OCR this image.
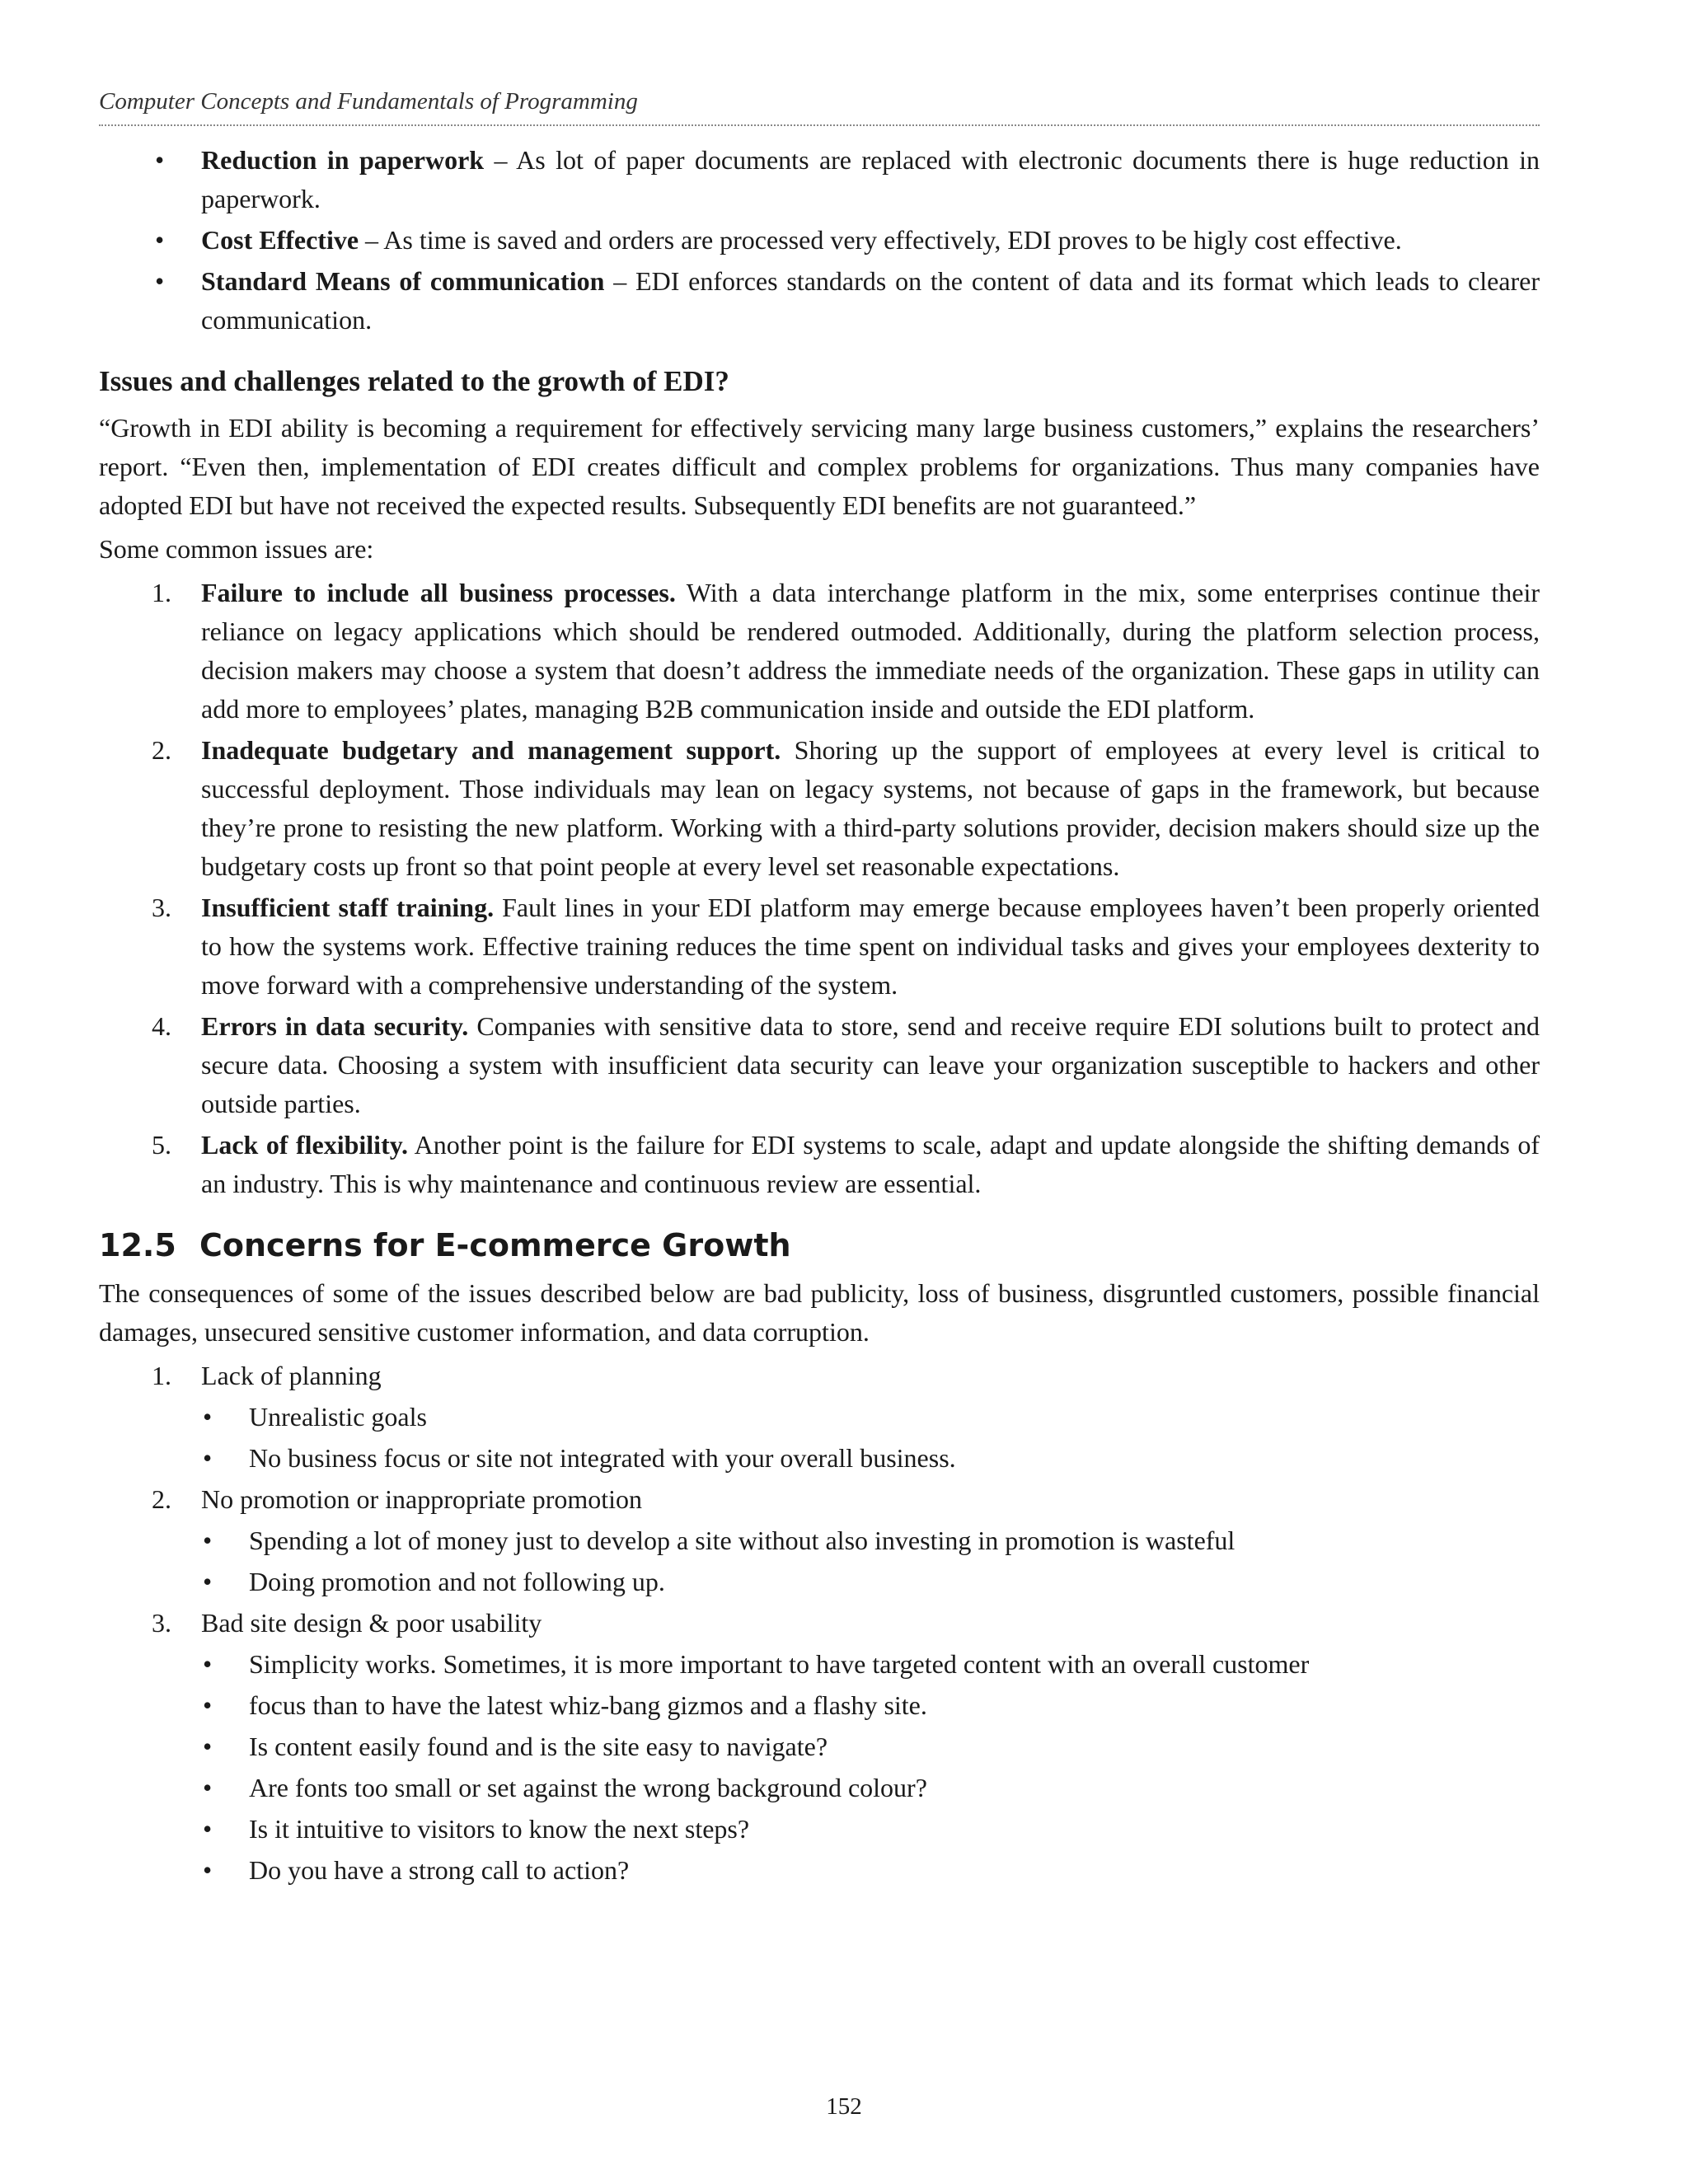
Computer Concepts and Fundamentals of Programming
• Reduction in paperwork – As lot of paper documents are replaced with electronic documents there is huge reduction in paperwork.
• Cost Effective – As time is saved and orders are processed very effectively, EDI proves to be higly cost effective.
• Standard Means of communication – EDI enforces standards on the content of data and its format which leads to clearer communication.
Issues and challenges related to the growth of EDI?

“Growth in EDI ability is becoming a requirement for effectively servicing many large business customers,” explains the researchers’ report. “Even then, implementation of EDI creates difficult and complex problems for organizations. Thus many companies have adopted EDI but have not received the expected results. Subsequently EDI benefits are not guaranteed.”

Some common issues are:

1. Failure to include all business processes. With a data interchange platform in the mix, some enterprises continue their reliance on legacy applications which should be rendered outmoded. Additionally, during the platform selection process, decision makers may choose a system that doesn’t address the immediate needs of the organization. These gaps in utility can add more to employees’ plates, managing B2B communication inside and outside the EDI platform.
2. Inadequate budgetary and management support. Shoring up the support of employees at every level is critical to successful deployment. Those individuals may lean on legacy systems, not because of gaps in the framework, but because they’re prone to resisting the new platform. Working with a third-party solutions provider, decision makers should size up the budgetary costs up front so that point people at every level set reasonable expectations.
3. Insufficient staff training. Fault lines in your EDI platform may emerge because employees haven’t been properly oriented to how the systems work. Effective training reduces the time spent on individual tasks and gives your employees dexterity to move forward with a comprehensive understanding of the system.
4. Errors in data security. Companies with sensitive data to store, send and receive require EDI solutions built to protect and secure data. Choosing a system with insufficient data security can leave your organization susceptible to hackers and other outside parties.
5. Lack of flexibility. Another point is the failure for EDI systems to scale, adapt and update alongside the shifting demands of an industry. This is why maintenance and continuous review are essential.
12.5 Concerns for E-commerce Growth

The consequences of some of the issues described below are bad publicity, loss of business, disgruntled customers, possible financial damages, unsecured sensitive customer information, and data corruption.

1. Lack of planning
• Unrealistic goals
• No business focus or site not integrated with your overall business.
2. No promotion or inappropriate promotion
• Spending a lot of money just to develop a site without also investing in promotion is wasteful
• Doing promotion and not following up.
3. Bad site design & poor usability
• Simplicity works. Sometimes, it is more important to have targeted content with an overall customer
• focus than to have the latest whiz-bang gizmos and a flashy site.
• Is content easily found and is the site easy to navigate?
• Are fonts too small or set against the wrong background colour?
• Is it intuitive to visitors to know the next steps?
• Do you have a strong call to action?
152
